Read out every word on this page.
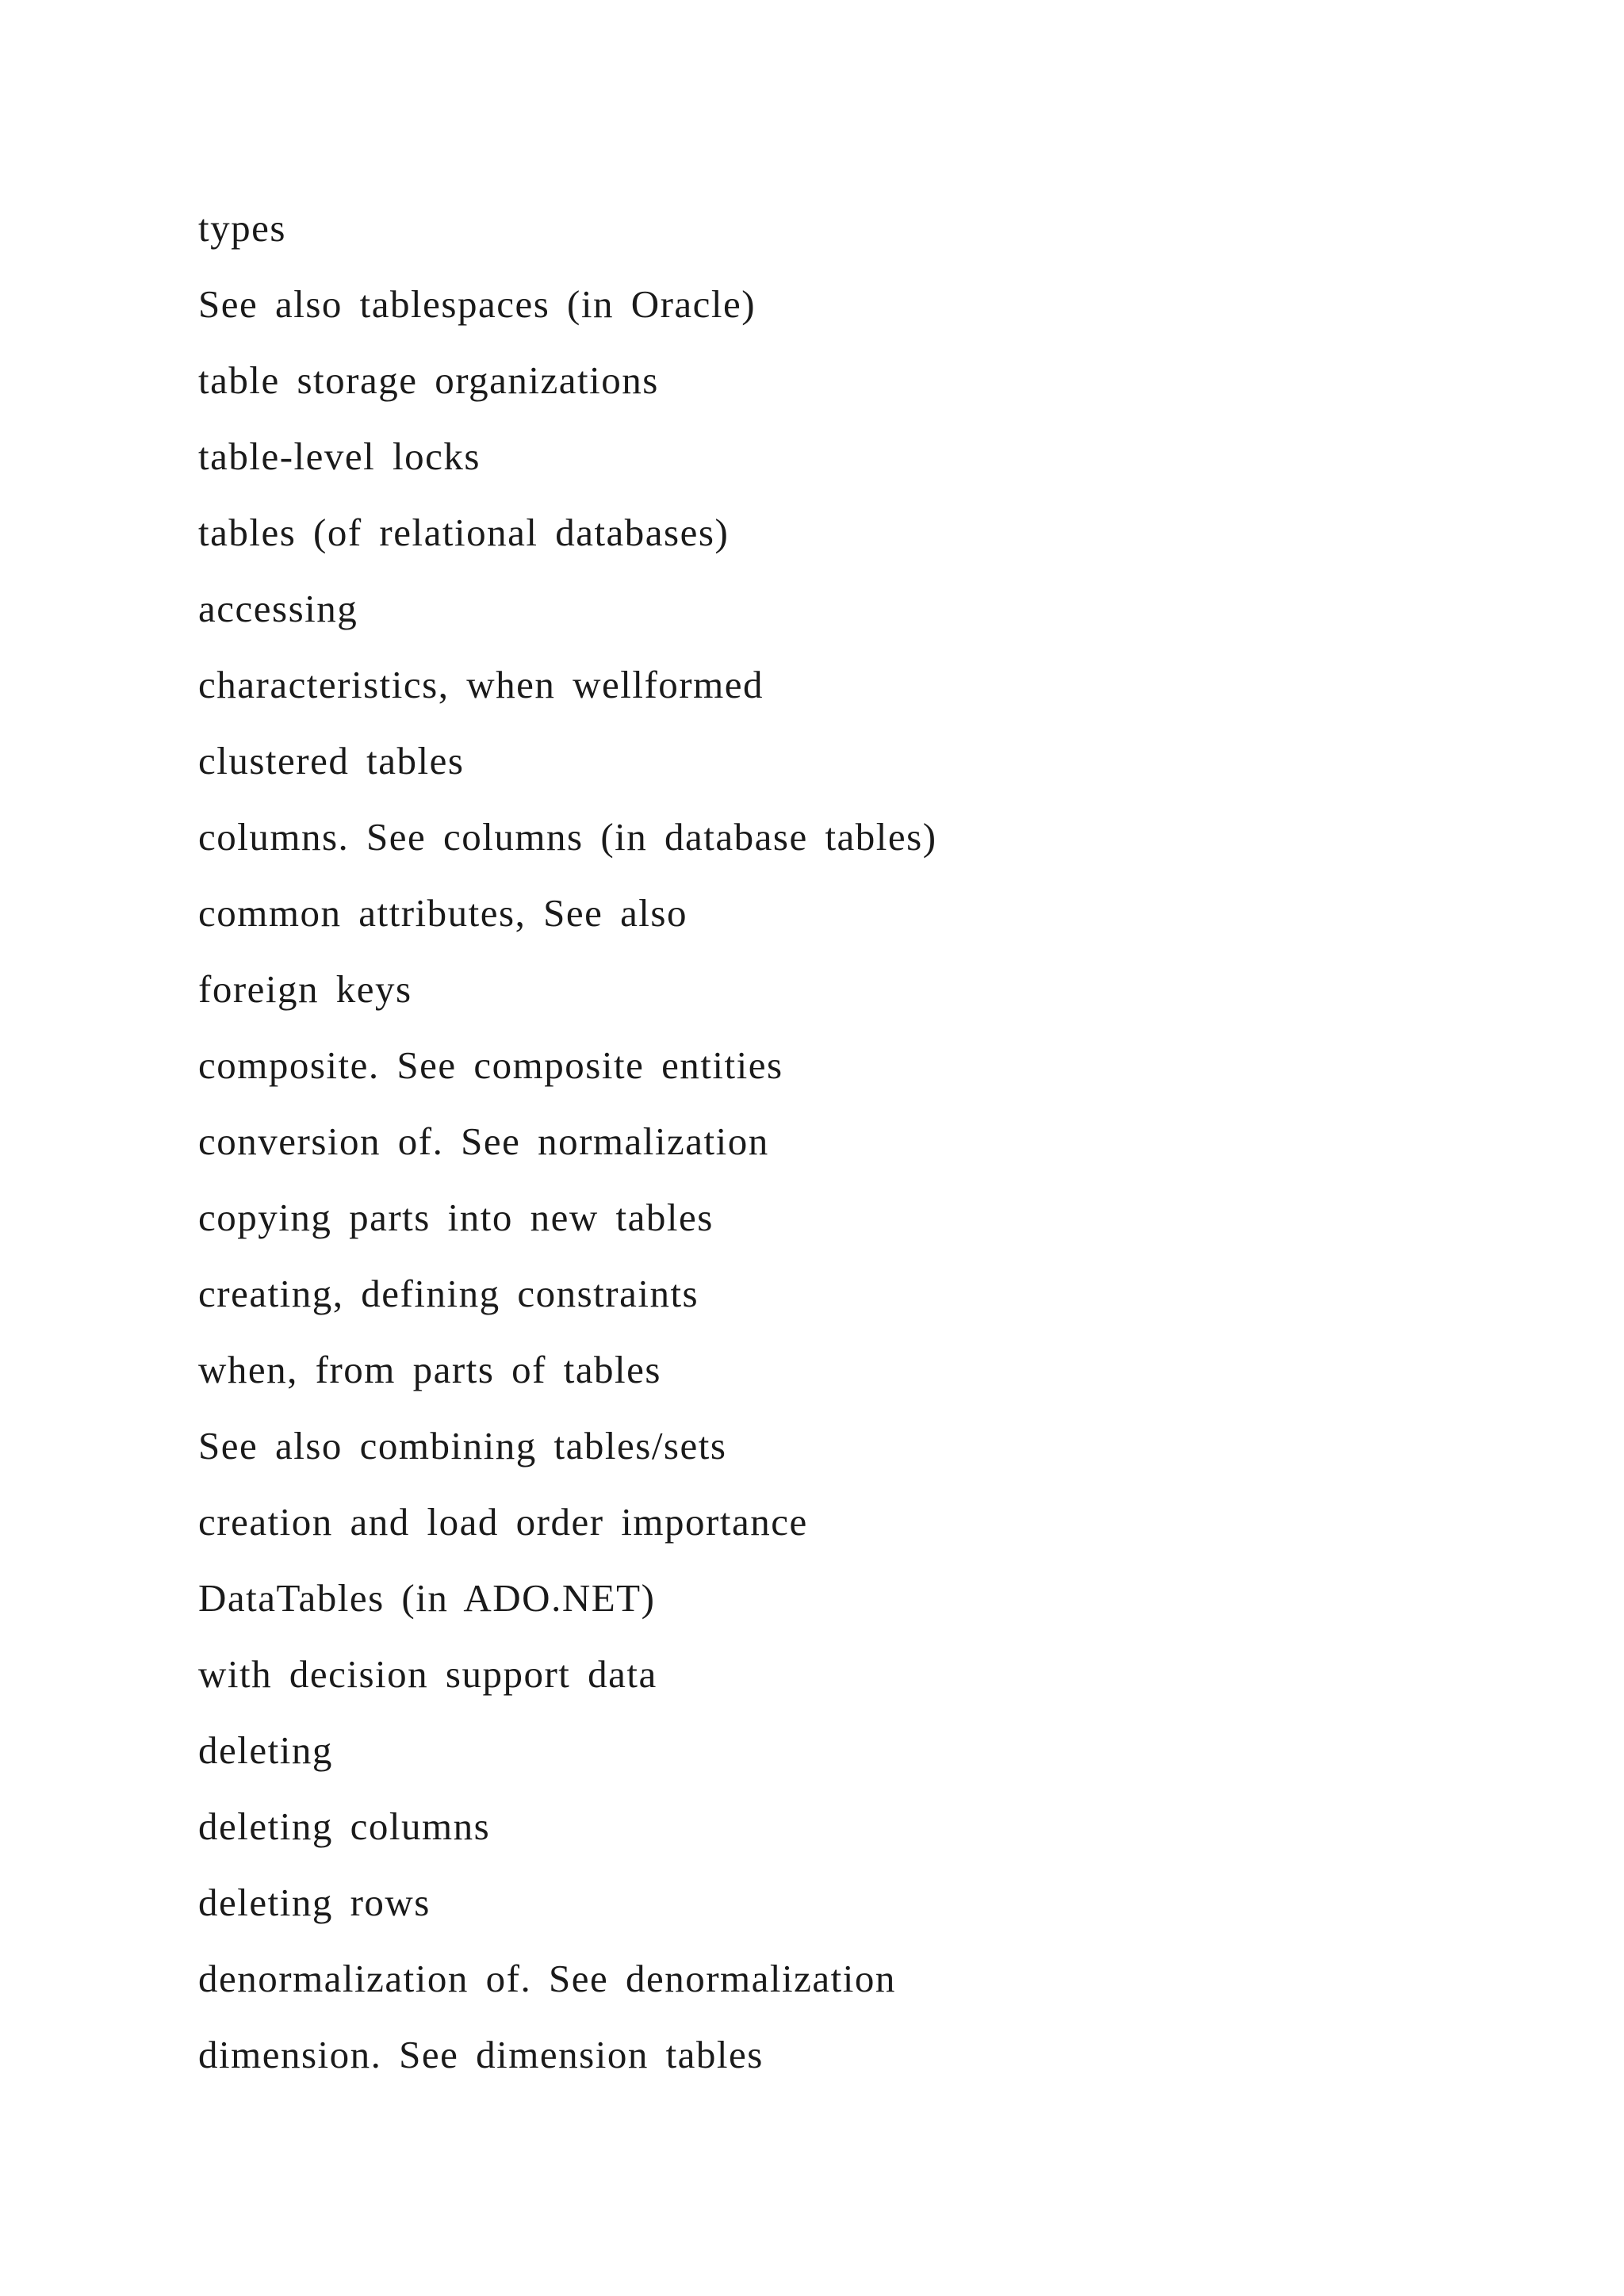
types
See also tablespaces (in Oracle)
table storage organizations
table-level locks
tables (of relational databases)
accessing
characteristics, when wellformed
clustered tables
columns. See columns (in database tables)
common attributes, See also
foreign keys
composite. See composite entities
conversion of. See normalization
copying parts into new tables
creating, defining constraints
when, from parts of tables
See also combining tables/sets
creation and load order importance
DataTables (in ADO.NET)
with decision support data
deleting
deleting columns
deleting rows
denormalization of. See denormalization
dimension. See dimension tables
